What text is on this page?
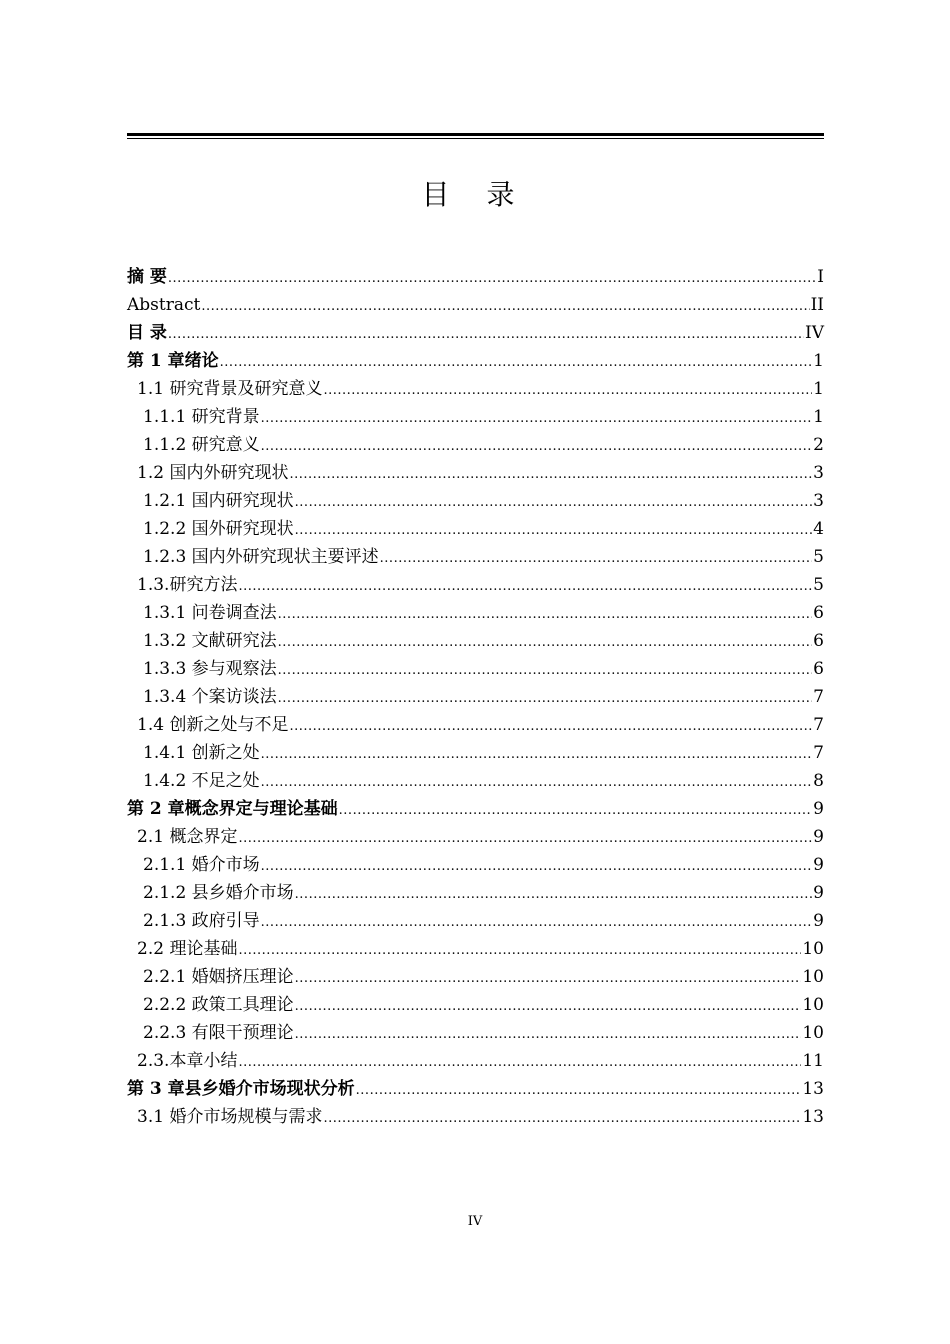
目 录
摘 要 .....	I
Abstract .....	II
目 录 .....	IV
第 1 章绪论 .....	1
1.1 研究背景及研究意义 .....	1
1.1.1 研究背景 .....	1
1.1.2 研究意义 .....	2
1.2 国内外研究现状 .....	3
1.2.1 国内研究现状 .....	3
1.2.2 国外研究现状 .....	4
1.2.3 国内外研究现状主要评述 .....	5
1.3.研究方法 .....	5
1.3.1 问卷调查法 .....	6
1.3.2 文献研究法 .....	6
1.3.3 参与观察法 .....	6
1.3.4 个案访谈法 .....	7
1.4 创新之处与不足 .....	7
1.4.1 创新之处 .....	7
1.4.2 不足之处 .....	8
第 2 章概念界定与理论基础 .....	9
2.1 概念界定 .....	9
2.1.1 婚介市场 .....	9
2.1.2 县乡婚介市场 .....	9
2.1.3 政府引导 .....	9
2.2 理论基础 .....	10
2.2.1 婚姻挤压理论 .....	10
2.2.2 政策工具理论 .....	10
2.2.3 有限干预理论 .....	10
2.3.本章小结 .....	11
第 3 章县乡婚介市场现状分析 .....	13
3.1 婚介市场规模与需求 .....	13
IV
